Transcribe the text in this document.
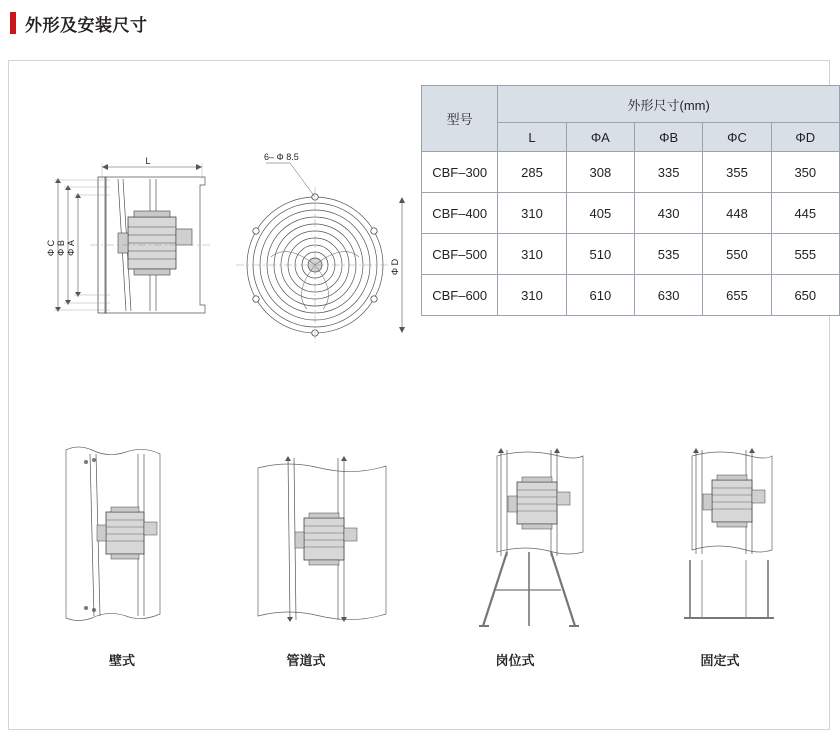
外形及安装尺寸
L
Φ C Φ B Φ A
6– Φ 8.5
Φ D
型号	外形尺寸(mm)				
	L	ΦA	ΦB	ΦC	ΦD
CBF–300	285	308	335	355	350
CBF–400	310	405	430	448	445
CBF–500	310	510	535	550	555
CBF–600	310	610	630	655	650
壁式	管道式	岗位式	固定式
